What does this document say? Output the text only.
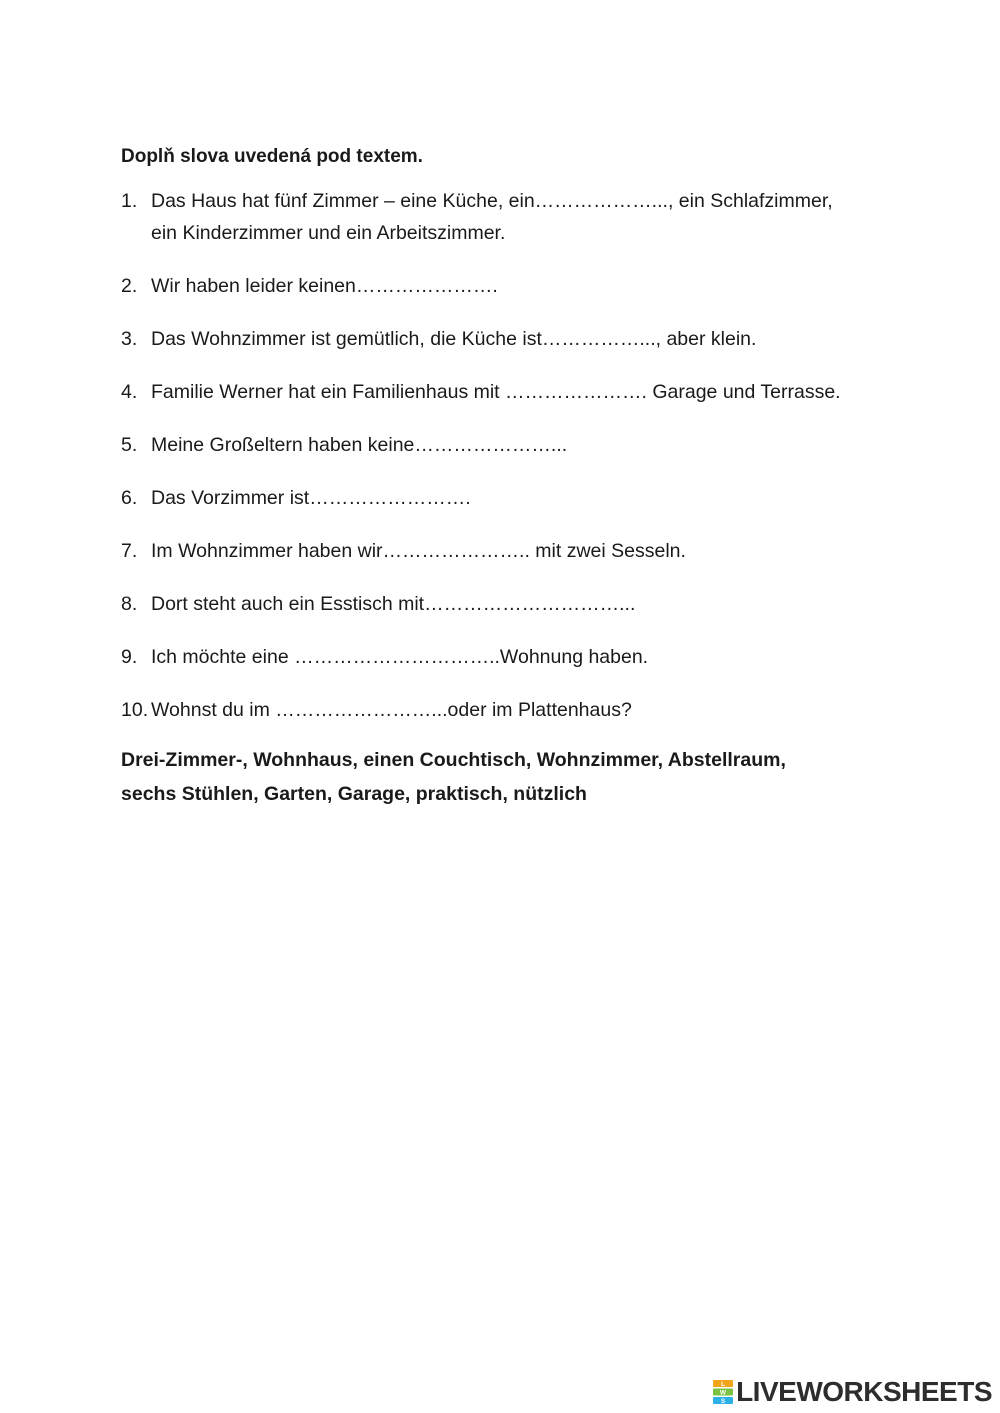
Doplň slova uvedená pod textem.

1. Das Haus hat fünf Zimmer – eine Küche, ein………………..., ein Schlafzimmer, ein Kinderzimmer und ein Arbeitszimmer.
2. Wir haben leider keinen………………….
3. Das Wohnzimmer ist gemütlich, die Küche ist……………..., aber klein.
4. Familie Werner hat ein Familienhaus mit …………………. Garage und Terrasse.
5. Meine Großeltern haben keine…………………...
6. Das Vorzimmer ist…………………….
7. Im Wohnzimmer haben wir………………….. mit zwei Sesseln.
8. Dort steht auch ein Esstisch mit…………………………...
9. Ich möchte eine …………………………..Wohnung haben.
10. Wohnst du im ……………………...oder im Plattenhaus?

Drei-Zimmer-, Wohnhaus, einen Couchtisch, Wohnzimmer, Abstellraum, sechs Stühlen, Garten, Garage, praktisch, nützlich

L
W
S LIVEWORKSHEETS
